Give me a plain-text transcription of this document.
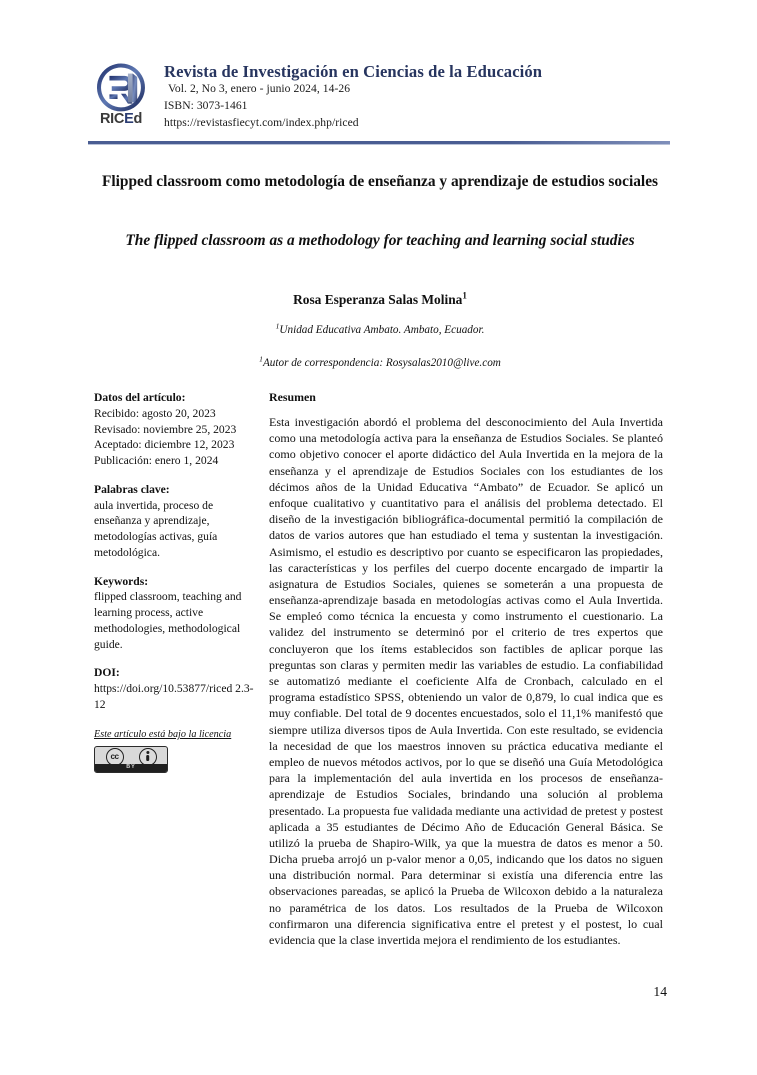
RICEd
Revista de Investigación en Ciencias de la Educación
Vol. 2, No 3, enero - junio 2024, 14-26
ISBN: 3073-1461
https://revistasfiecyt.com/index.php/riced
Flipped classroom como metodología de enseñanza y aprendizaje de estudios sociales
The flipped classroom as a methodology for teaching and learning social studies
Rosa Esperanza Salas Molina$^1$
$^1$Unidad Educativa Ambato. Ambato, Ecuador.
$^1$Autor de correspondencia: Rosysalas2010@live.com

Datos del artículo:

Recibido: agosto 20, 2023

Revisado: noviembre 25, 2023

Aceptado: diciembre 12, 2023

Publicación: enero 1, 2024

Palabras clave:

aula invertida, proceso de enseñanza y aprendizaje, metodologías activas, guía metodológica.

Keywords:

flipped classroom, teaching and learning process, active methodologies, methodological guide.

DOI:

https://doi.org/10.53877/riced 2.3-12

Este artículo está bajo la licencia
cc
BY

Resumen

Esta investigación abordó el problema del desconocimiento del Aula Invertida como una metodología activa para la enseñanza de Estudios Sociales. Se planteó como objetivo conocer el aporte didáctico del Aula Invertida en la mejora de la enseñanza y el aprendizaje de Estudios Sociales con los estudiantes de los décimos años de la Unidad Educativa “Ambato” de Ecuador. Se aplicó un enfoque cualitativo y cuantitativo para el análisis del problema detectado. El diseño de la investigación bibliográfica-documental permitió la compilación de datos de varios autores que han estudiado el tema y sustentan la investigación. Asimismo, el estudio es descriptivo por cuanto se especificaron las propiedades, las características y los perfiles del cuerpo docente encargado de impartir la asignatura de Estudios Sociales, quienes se someterán a una propuesta de enseñanza-aprendizaje basada en metodologías activas como el Aula Invertida. Se empleó como técnica la encuesta y como instrumento el cuestionario. La validez del instrumento se determinó por el criterio de tres expertos que concluyeron que los ítems establecidos son factibles de aplicar porque las preguntas son claras y permiten medir las variables de estudio. La confiabilidad se automatizó mediante el coeficiente Alfa de Cronbach, calculado en el programa estadístico SPSS, obteniendo un valor de 0,879, lo cual indica que es muy confiable. Del total de 9 docentes encuestados, solo el 11,1% manifestó que siempre utiliza diversos tipos de Aula Invertida. Con este resultado, se evidencia la necesidad de que los maestros innoven su práctica educativa mediante el empleo de nuevos métodos activos, por lo que se diseñó una Guía Metodológica para la implementación del aula invertida en los procesos de enseñanza-aprendizaje de Estudios Sociales, brindando una solución al problema presentado. La propuesta fue validada mediante una actividad de pretest y postest aplicada a 35 estudiantes de Décimo Año de Educación General Básica. Se utilizó la prueba de Shapiro-Wilk, ya que la muestra de datos es menor a 50. Dicha prueba arrojó un p-valor menor a 0,05, indicando que los datos no siguen una distribución normal. Para determinar si existía una diferencia entre las observaciones pareadas, se aplicó la Prueba de Wilcoxon debido a la naturaleza no paramétrica de los datos. Los resultados de la Prueba de Wilcoxon confirmaron una diferencia significativa entre el pretest y el postest, lo cual evidencia que la clase invertida mejora el rendimiento de los estudiantes.

14
